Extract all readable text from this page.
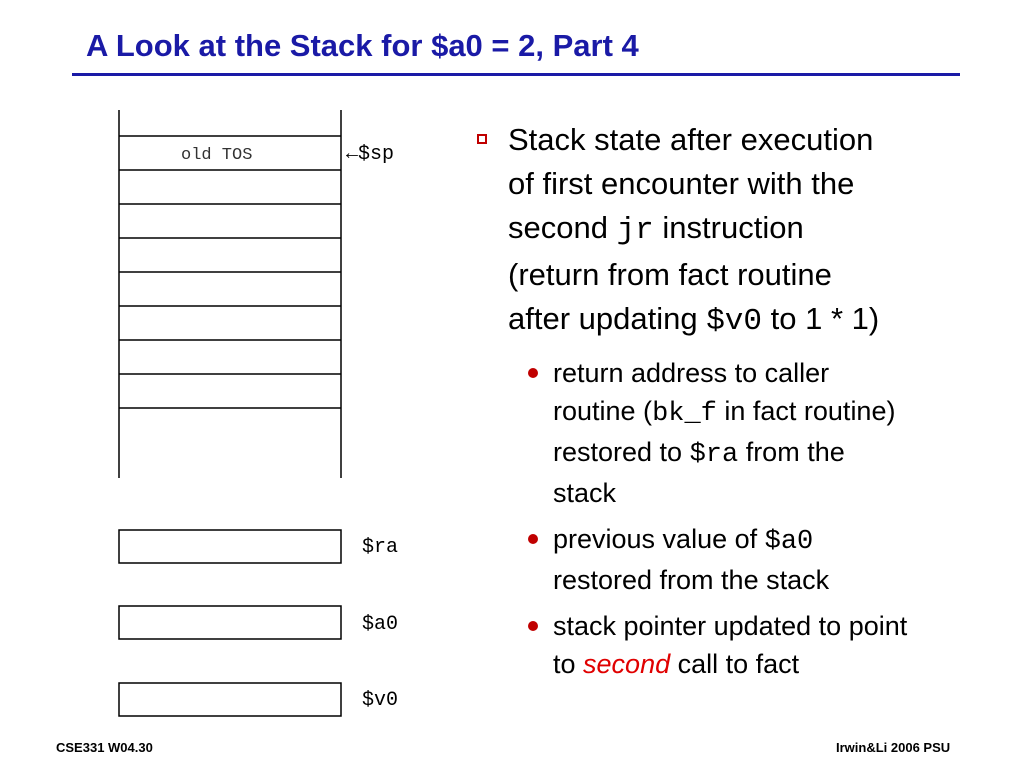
A Look at the Stack for $a0 = 2, Part 4
old TOS	←$sp
$ra
$a0
$v0
Stack state after execution
of first encounter with the
second jr instruction
(return from fact routine
after updating $v0 to 1 * 1)
return address to caller
routine (bk_f in fact routine)
restored to $ra from the
stack
previous value of $a0
restored from the stack
stack pointer updated to point
to second call to fact
CSE331 W04.30	Irwin&Li 2006 PSU
